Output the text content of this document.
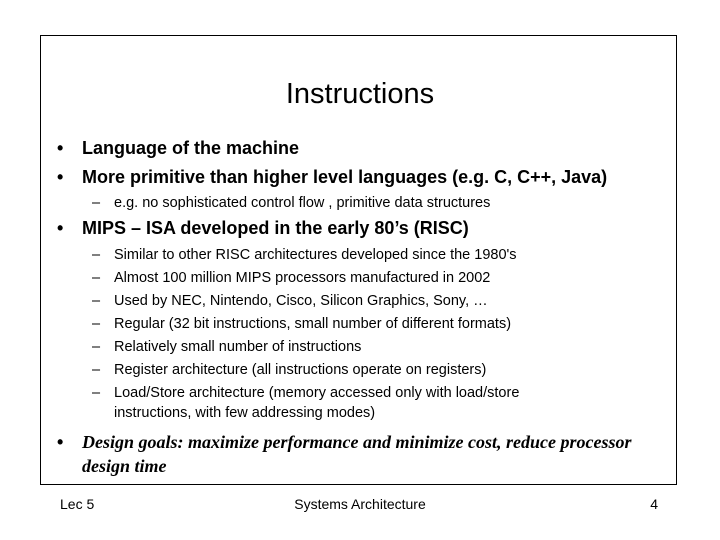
Instructions
• Language of the machine
• More primitive than higher level languages (e.g. C, C++, Java)
– e.g. no sophisticated control flow , primitive data structures
• MIPS – ISA developed in the early 80’s (RISC)
– Similar to other RISC architectures developed since the 1980's
– Almost 100 million MIPS processors manufactured in 2002
– Used by NEC, Nintendo, Cisco, Silicon Graphics, Sony, …
– Regular (32 bit instructions, small number of different formats)
– Relatively small number of instructions
– Register architecture (all instructions operate on registers)
– Load/Store architecture (memory accessed only with load/store
instructions, with few addressing modes)
• Design goals: maximize performance and minimize cost, reduce processor design time
Lec 5	Systems Architecture	4
